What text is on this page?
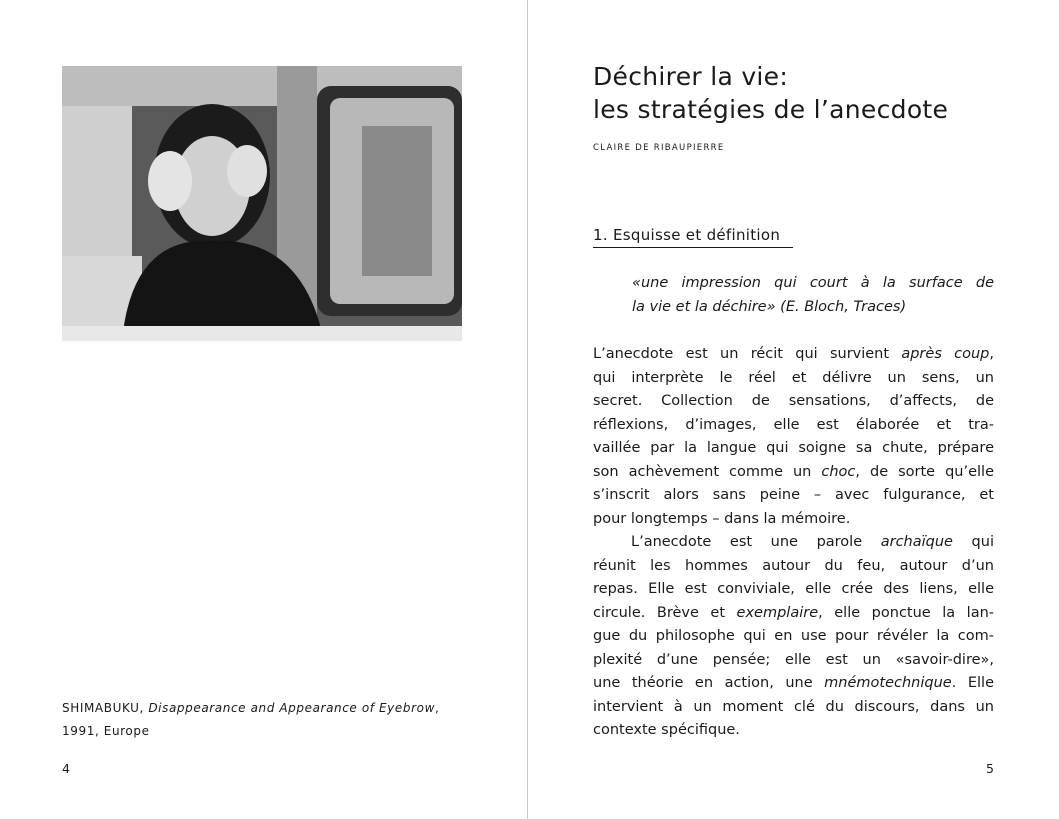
SHIMABUKU, Disappearance and Appearance of Eyebrow,
1991, Europe
4
Déchirer la vie:
les stratégies de l’anecdote
CLAIRE DE RIBAUPIERRE
1. Esquisse et définition
«une impression qui court à la surface de
la vie et la déchire» (E. Bloch, Traces)
L’anecdote est un récit qui survient après coup,
qui interprète le réel et délivre un sens, un
secret. Collection de sensations, d’affects, de
réflexions, d’images, elle est élaborée et tra-
vaillée par la langue qui soigne sa chute, prépare
son achèvement comme un choc, de sorte qu’elle
s’inscrit alors sans peine – avec fulgurance, et
pour longtemps – dans la mémoire.
L’anecdote est une parole archaïque qui
réunit les hommes autour du feu, autour d’un
repas. Elle est conviviale, elle crée des liens, elle
circule. Brève et exemplaire, elle ponctue la lan-
gue du philosophe qui en use pour révéler la com-
plexité d’une pensée; elle est un «savoir-dire»,
une théorie en action, une mnémotechnique. Elle
intervient à un moment clé du discours, dans un
contexte spécifique.
5
